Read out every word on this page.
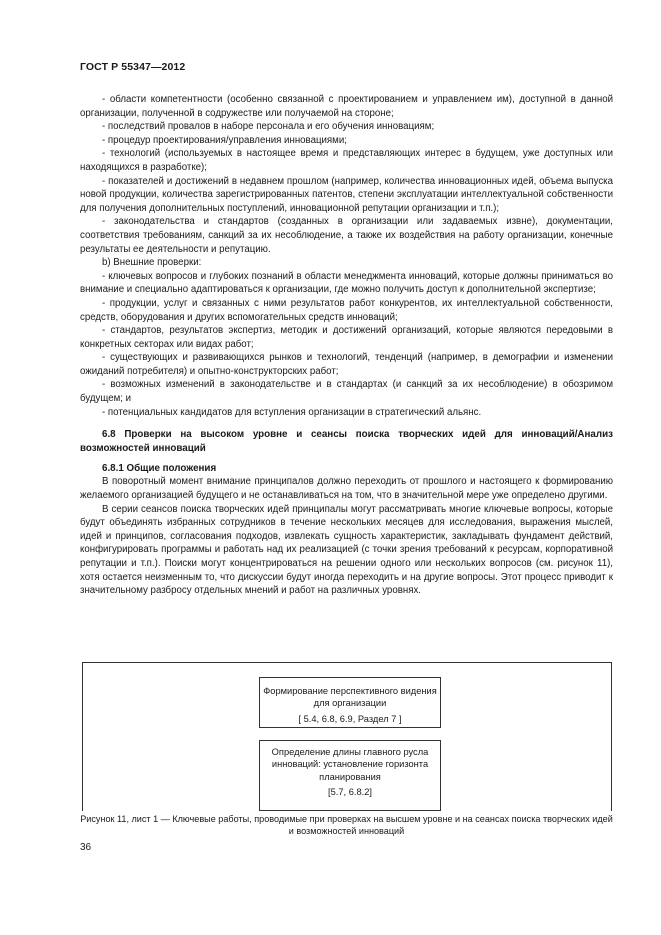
ГОСТ Р 55347—2012

- области компетентности (особенно связанной с проектированием и управлением им), доступной в данной организации, полученной в содружестве или получаемой на стороне;

- последствий провалов в наборе персонала и его обучения инновациям;

- процедур проектирования/управления инновациями;

- технологий (используемых в настоящее время и представляющих интерес в будущем, уже доступных или находящихся в разработке);

- показателей и достижений в недавнем прошлом (например, количества инновационных идей, объема выпуска новой продукции, количества зарегистрированных патентов, степени эксплуатации интеллектуальной собственности для получения дополнительных поступлений, инновационной репутации организации и т.п.);

- законодательства и стандартов (созданных в организации или задаваемых извне), документации, соответствия требованиям, санкций за их несоблюдение, а также их воздействия на работу организации, конечные результаты ее деятельности и репутацию.

b) Внешние проверки:

- ключевых вопросов и глубоких познаний в области менеджмента инноваций, которые должны приниматься во внимание и специально адаптироваться к организации, где можно получить доступ к дополнительной экспертизе;

- продукции, услуг и связанных с ними результатов работ конкурентов, их интеллектуальной собственности, средств, оборудования и других вспомогательных средств инноваций;

- стандартов, результатов экспертиз, методик и достижений организаций, которые являются передовыми в конкретных секторах или видах работ;

- существующих и развивающихся рынков и технологий, тенденций (например, в демографии и изменении ожиданий потребителя) и опытно-конструкторских работ;

- возможных изменений в законодательстве и в стандартах (и санкций за их несоблюдение) в обозримом будущем; и

- потенциальных кандидатов для вступления организации в стратегический альянс.

6.8 Проверки на высоком уровне и сеансы поиска творческих идей для инноваций/Анализ возможностей инноваций
6.8.1 Общие положения

В поворотный момент внимание принципалов должно переходить от прошлого и настоящего к формированию желаемого организацией будущего и не останавливаться на том, что в значительной мере уже определено другими.

В серии сеансов поиска творческих идей принципалы могут рассматривать многие ключевые вопросы, которые будут объединять избранных сотрудников в течение нескольких месяцев для исследования, выражения мыслей, идей и принципов, согласования подходов, извлекать сущность характеристик, закладывать фундамент действий, конфигурировать программы и работать над их реализацией (с точки зрения требований к ресурсам, корпоративной репутации и т.п.). Поиски могут концентрироваться на решении одного или нескольких вопросов (см. рисунок 11), хотя остается неизменным то, что дискуссии будут иногда переходить и на другие вопросы. Этот процесс приводит к значительному разбросу отдельных мнений и работ на различных уровнях.

Формирование перспективного видения для организации
[ 5.4, 6.8, 6.9, Раздел 7 ]
Определение длины главного русла инноваций: установление горизонта планирования
[5.7, 6.8.2]
Рисунок 11, лист 1 — Ключевые работы, проводимые при проверках на высшем уровне и на сеансах поиска творческих идей и возможностей инноваций
36
